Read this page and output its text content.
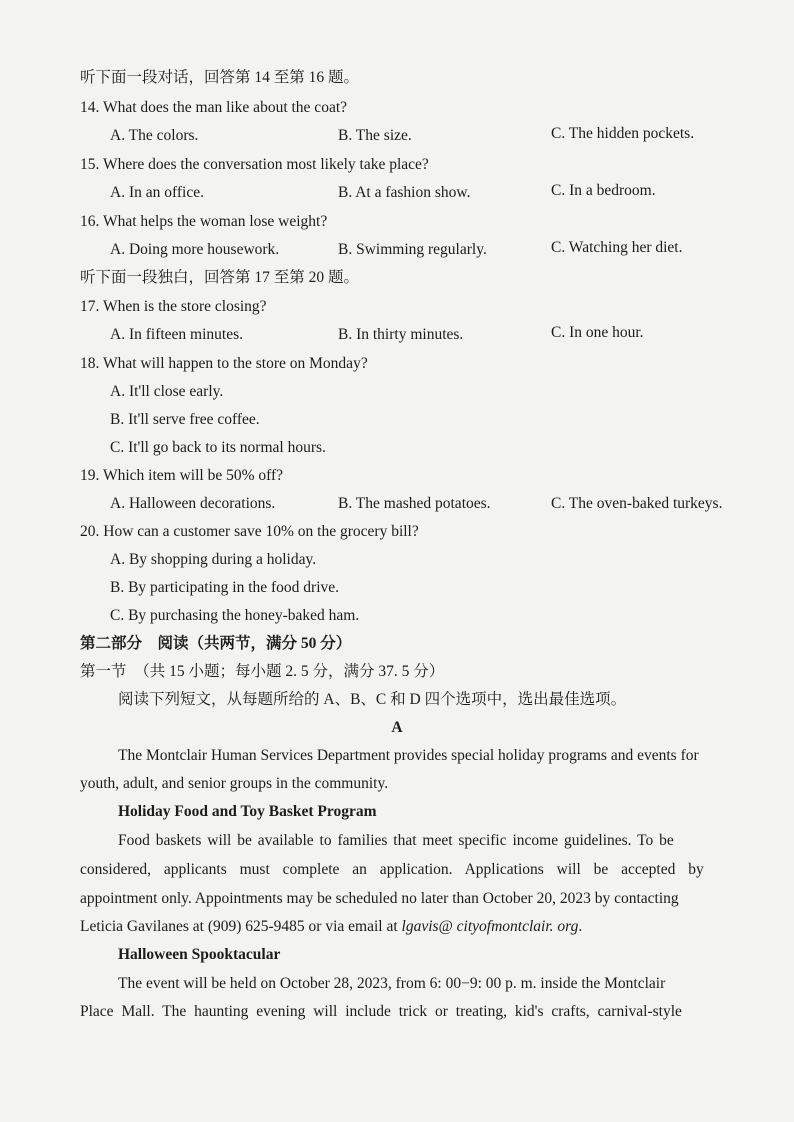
听下面一段对话，回答第 14 至第 16 题。
14. What does the man like about the coat?
A. The colors.	B. The size.	C. The hidden pockets.
15. Where does the conversation most likely take place?
A. In an office.	B. At a fashion show.	C. In a bedroom.
16. What helps the woman lose weight?
A. Doing more housework.	B. Swimming regularly.	C. Watching her diet.
听下面一段独白，回答第 17 至第 20 题。
17. When is the store closing?
A. In fifteen minutes.	B. In thirty minutes.	C. In one hour.
18. What will happen to the store on Monday?
A. It'll close early.
B. It'll serve free coffee.
C. It'll go back to its normal hours.
19. Which item will be 50% off?
A. Halloween decorations.	B. The mashed potatoes.	C. The oven-baked turkeys.
20. How can a customer save 10% on the grocery bill?
A. By shopping during a holiday.
B. By participating in the food drive.
C. By purchasing the honey-baked ham.
第二部分　阅读（共两节，满分 50 分）
第一节　（共 15 小题；每小题 2. 5 分，满分 37. 5 分）
阅读下列短文，从每题所给的 A、B、C 和 D 四个选项中，选出最佳选项。
A
The Montclair Human Services Department provides special holiday programs and events for
youth, adult, and senior groups in the community.
Holiday Food and Toy Basket Program
Food baskets will be available to families that meet specific income guidelines. To be
considered, applicants must complete an application. Applications will be accepted by
appointment only. Appointments may be scheduled no later than October 20, 2023 by contacting
Leticia Gavilanes at (909) 625-9485 or via email at lgavis@ cityofmontclair. org.
Halloween Spooktacular
The event will be held on October 28, 2023, from 6: 00−9: 00 p. m. inside the Montclair
Place Mall. The haunting evening will include trick or treating, kid's crafts, carnival-style
